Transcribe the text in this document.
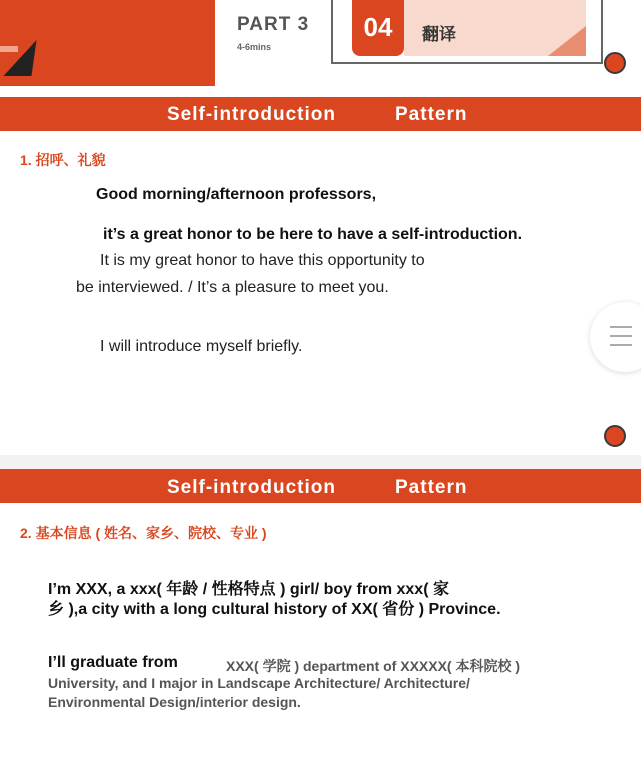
PART 3
4-6mins
04	翻译
Self-introduction	Pattern
1. 招呼、礼貌
Good morning/afternoon professors,
it’s a great honor to be here to have a self-introduction.
It is my great honor to have this opportunity to
be interviewed. / It’s a pleasure to meet you.
I will introduce myself briefly.
Self-introduction	Pattern
2. 基本信息 ( 姓名、家乡、院校、专业 )
I’m XXX, a xxx( 年龄 / 性格特点 ) girl/ boy from xxx( 家
乡 ),a city with a long cultural history of XX( 省份 ) Province.
I’ll graduate from	XXX( 学院 ) department of XXXXX( 本科院校 )
University, and I major in Landscape Architecture/ Architecture/
Environmental Design/interior design.
